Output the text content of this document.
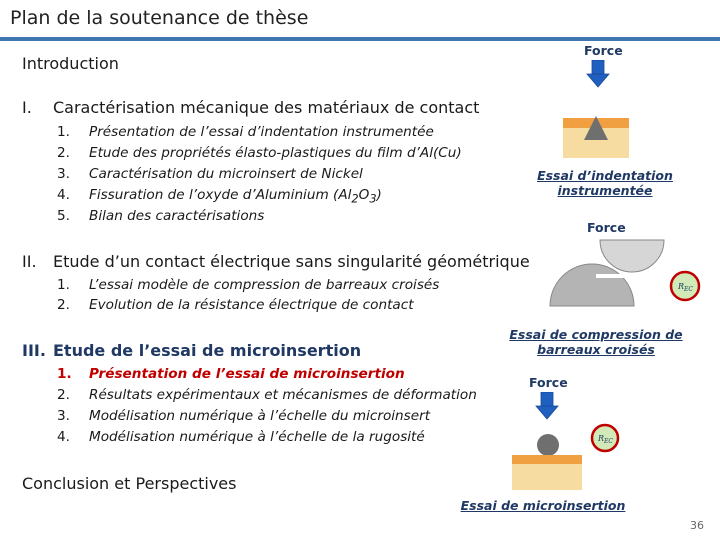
Plan de la soutenance de thèse
Introduction
I. Caractérisation mécanique des matériaux de contact
1. Présentation de l’essai d’indentation instrumentée
2. Etude des propriétés élasto-plastiques du film d’Al(Cu)
3. Caractérisation du microinsert de Nickel
4. Fissuration de l’oxyde d’Aluminium $(Al_2O_3)$
5. Bilan des caractérisations
II. Etude d’un contact électrique sans singularité géométrique
1. L’essai modèle de compression de barreaux croisés
2. Evolution de la résistance électrique de contact
III. Etude de l’essai de microinsertion
1. Présentation de l’essai de microinsertion
2. Résultats expérimentaux et mécanismes de déformation
3. Modélisation numérique à l’échelle du microinsert
4. Modélisation numérique à l’échelle de la rugosité
Conclusion et Perspectives
Force
Essai d’indentation
instrumentée
Force
R EC
Essai de compression de
barreaux croisés
Force
R EC
Essai de microinsertion
36
